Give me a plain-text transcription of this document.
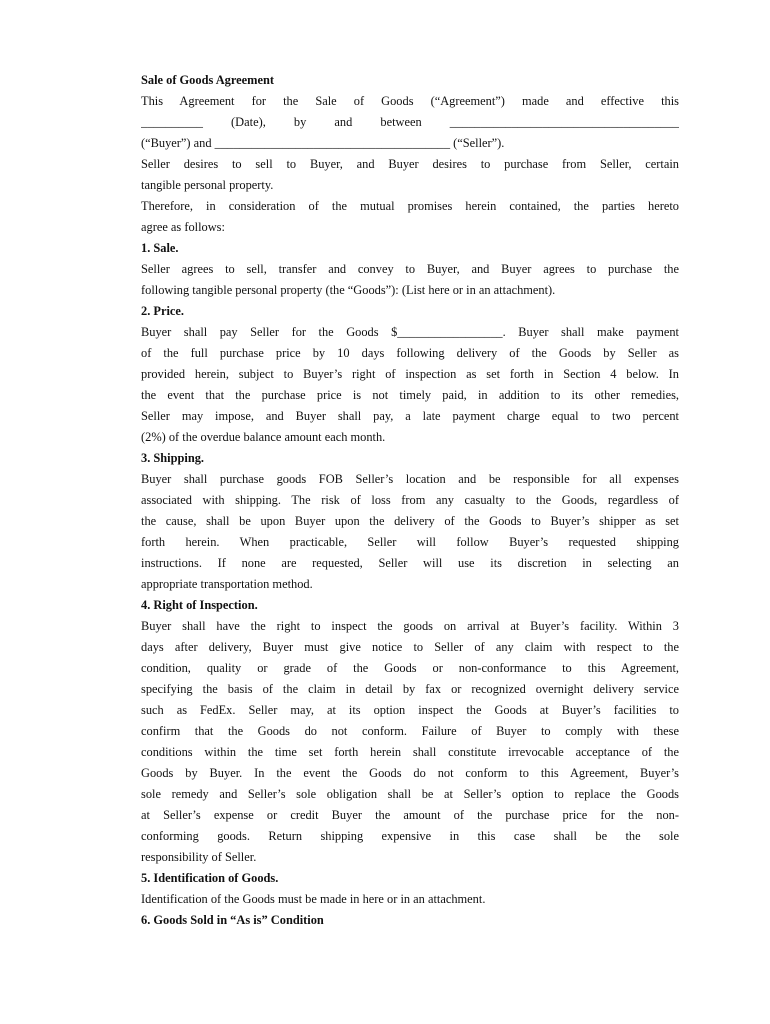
Sale of Goods Agreement
This Agreement for the Sale of Goods (“Agreement”) made and effective this
__________ (Date), by and between _____________________________________
(“Buyer”) and ______________________________________ (“Seller”).
Seller desires to sell to Buyer, and Buyer desires to purchase from Seller, certain
tangible personal property.
Therefore, in consideration of the mutual promises herein contained, the parties hereto
agree as follows:
1. Sale.
Seller agrees to sell, transfer and convey to Buyer, and Buyer agrees to purchase the
following tangible personal property (the “Goods”): (List here or in an attachment).
2. Price.
Buyer shall pay Seller for the Goods $_________________. Buyer shall make payment
of the full purchase price by 10 days following delivery of the Goods by Seller as
provided herein, subject to Buyer’s right of inspection as set forth in Section 4 below. In
the event that the purchase price is not timely paid, in addition to its other remedies,
Seller may impose, and Buyer shall pay, a late payment charge equal to two percent
(2%) of the overdue balance amount each month.
3. Shipping.
Buyer shall purchase goods FOB Seller’s location and be responsible for all expenses
associated with shipping. The risk of loss from any casualty to the Goods, regardless of
the cause, shall be upon Buyer upon the delivery of the Goods to Buyer’s shipper as set
forth herein. When practicable, Seller will follow Buyer’s requested shipping
instructions. If none are requested, Seller will use its discretion in selecting an
appropriate transportation method.
4. Right of Inspection.
Buyer shall have the right to inspect the goods on arrival at Buyer’s facility. Within 3
days after delivery, Buyer must give notice to Seller of any claim with respect to the
condition, quality or grade of the Goods or non-conformance to this Agreement,
specifying the basis of the claim in detail by fax or recognized overnight delivery service
such as FedEx. Seller may, at its option inspect the Goods at Buyer’s facilities to
confirm that the Goods do not conform. Failure of Buyer to comply with these
conditions within the time set forth herein shall constitute irrevocable acceptance of the
Goods by Buyer. In the event the Goods do not conform to this Agreement, Buyer’s
sole remedy and Seller’s sole obligation shall be at Seller’s option to replace the Goods
at Seller’s expense or credit Buyer the amount of the purchase price for the non-
conforming goods. Return shipping expensive in this case shall be the sole
responsibility of Seller.
5. Identification of Goods.
Identification of the Goods must be made in here or in an attachment.
6. Goods Sold in “As is” Condition
